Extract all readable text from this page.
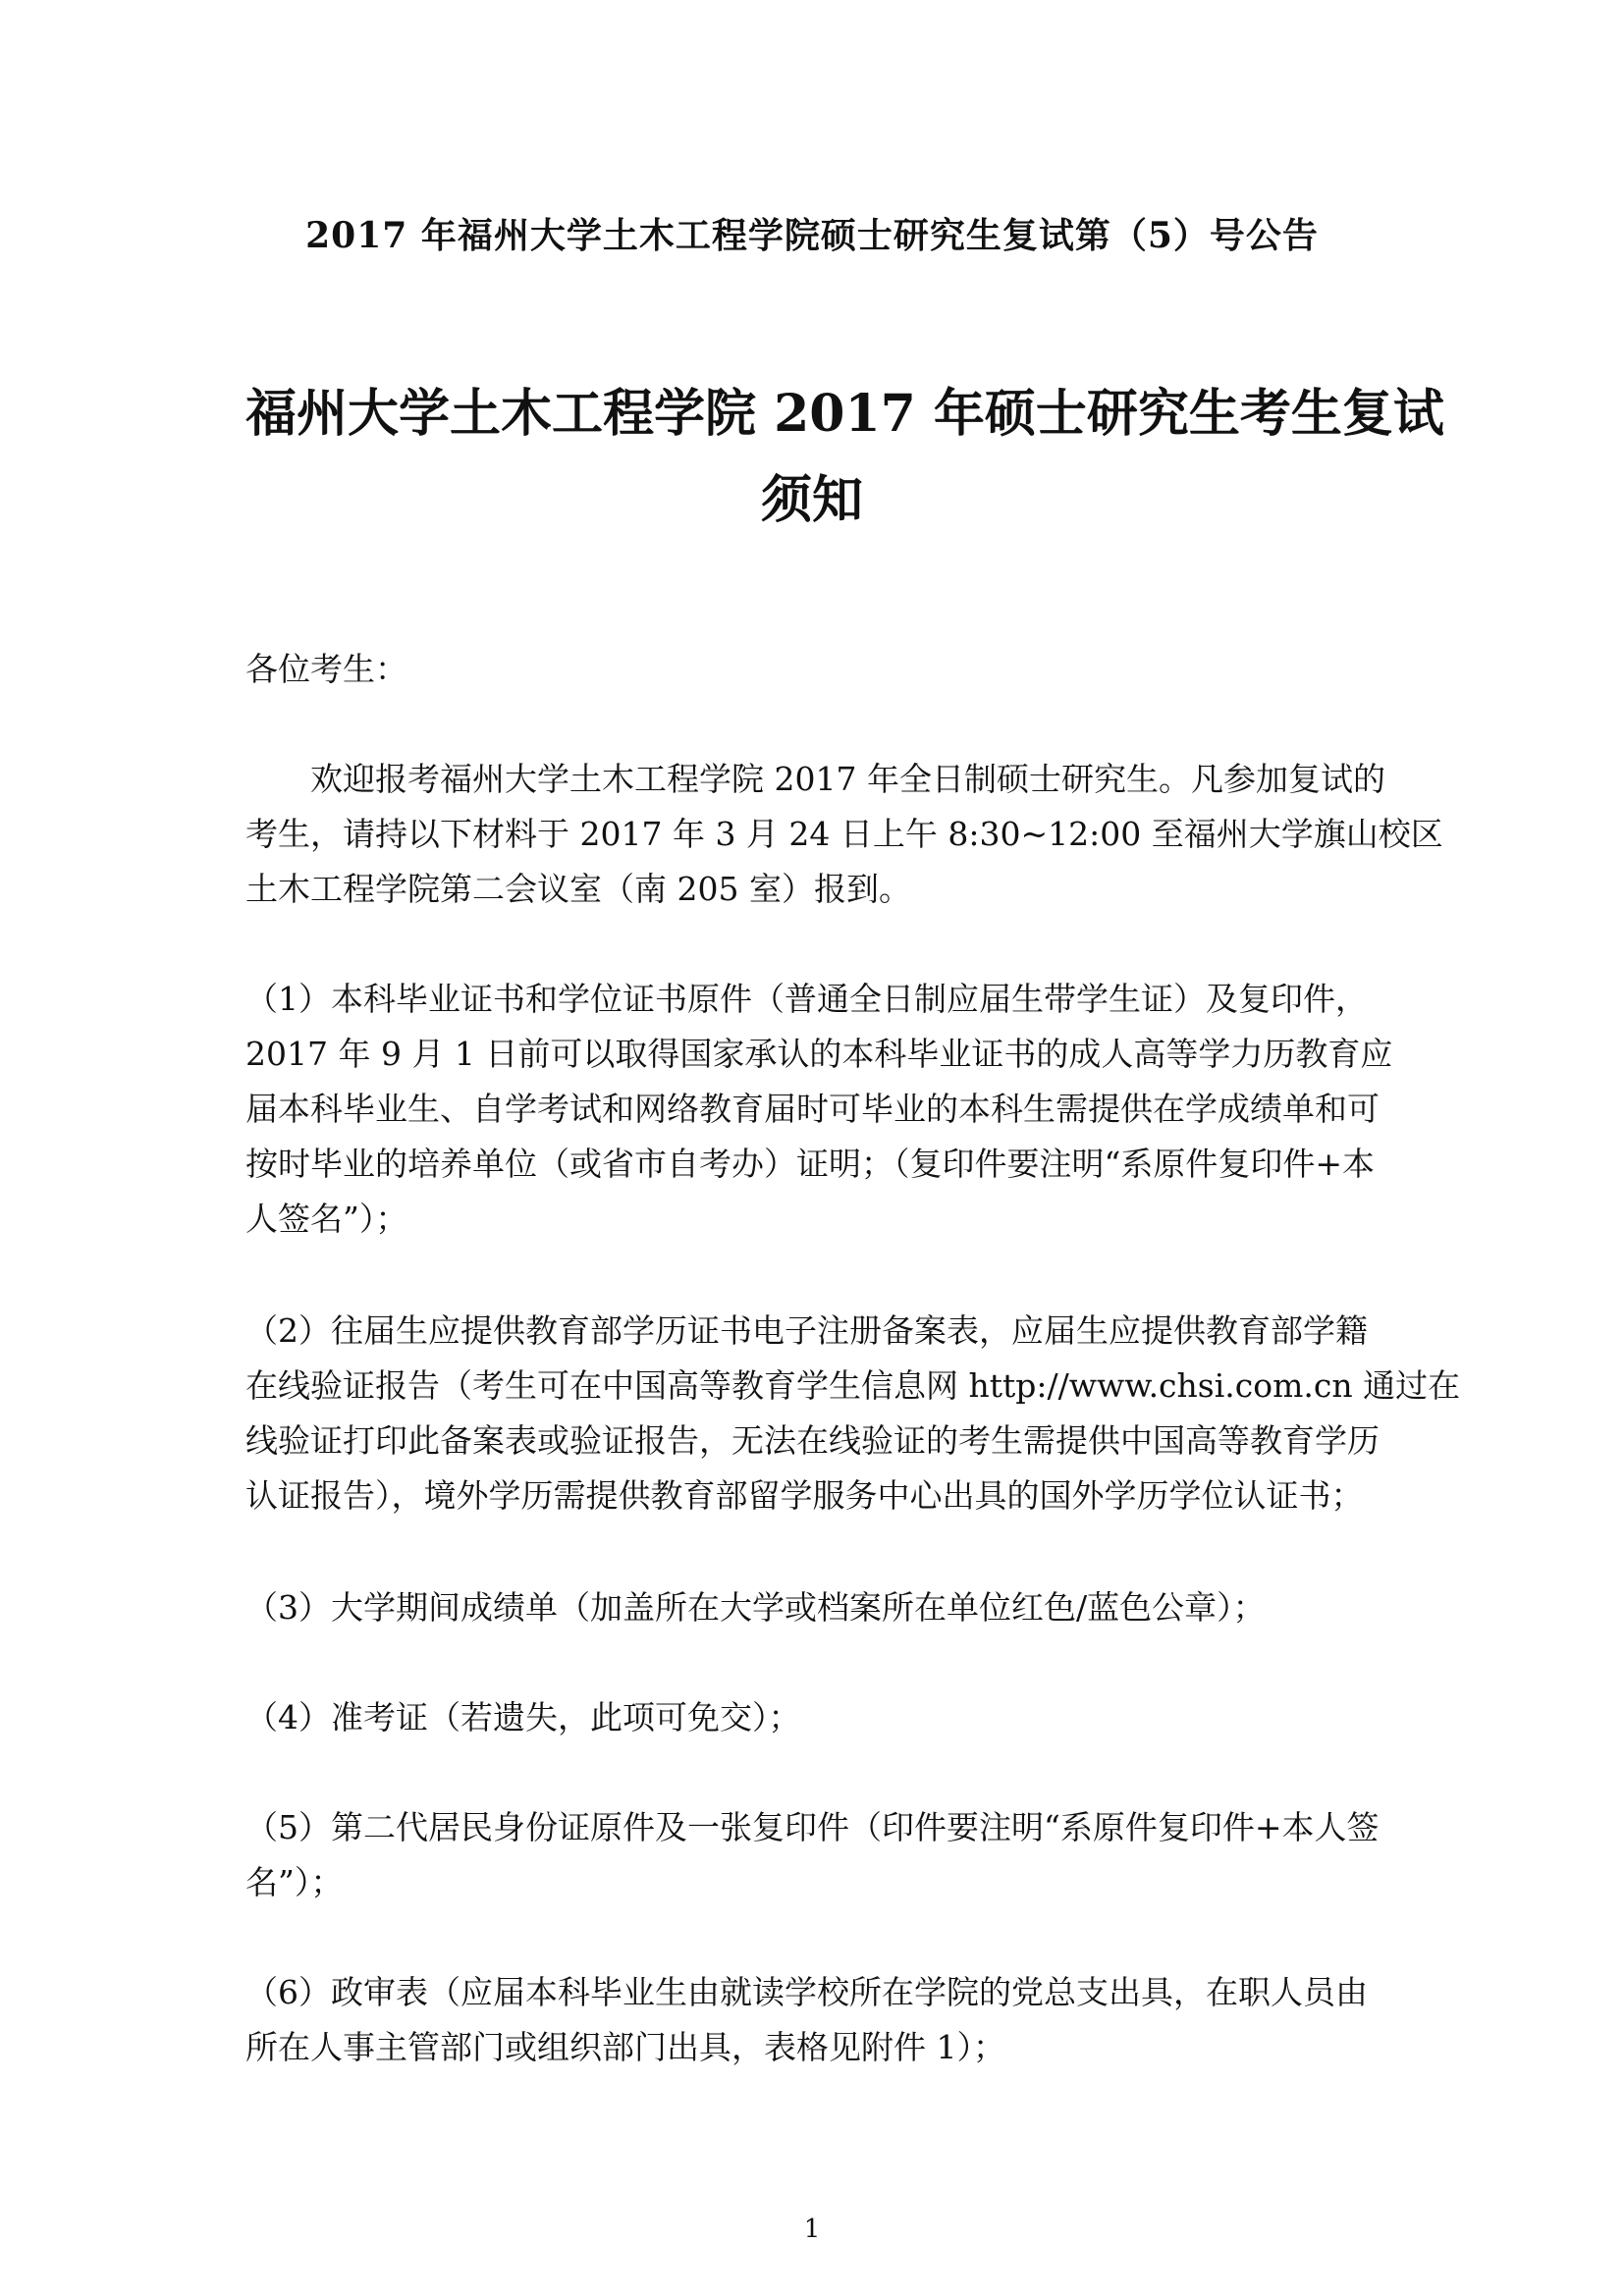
2017 年福州大学土木工程学院硕士研究生复试第（5）号公告
福州大学土木工程学院 2017 年硕士研究生考生复试
须知
各位考生：
欢迎报考福州大学土木工程学院 2017 年全日制硕士研究生。凡参加复试的
考生，请持以下材料于 2017 年 3 月 24 日上午 8:30~12:00 至福州大学旗山校区
土木工程学院第二会议室（南 205 室）报到。
（1）本科毕业证书和学位证书原件（普通全日制应届生带学生证）及复印件，
2017 年 9 月 1 日前可以取得国家承认的本科毕业证书的成人高等学力历教育应
届本科毕业生、自学考试和网络教育届时可毕业的本科生需提供在学成绩单和可
按时毕业的培养单位（或省市自考办）证明；（复印件要注明“系原件复印件+本
人签名”）；
（2）往届生应提供教育部学历证书电子注册备案表，应届生应提供教育部学籍
在线验证报告（考生可在中国高等教育学生信息网 http://www.chsi.com.cn 通过在
线验证打印此备案表或验证报告，无法在线验证的考生需提供中国高等教育学历
认证报告），境外学历需提供教育部留学服务中心出具的国外学历学位认证书；
（3）大学期间成绩单（加盖所在大学或档案所在单位红色/蓝色公章）；
（4）准考证（若遗失，此项可免交）；
（5）第二代居民身份证原件及一张复印件（印件要注明“系原件复印件+本人签
名”）；
（6）政审表（应届本科毕业生由就读学校所在学院的党总支出具，在职人员由
所在人事主管部门或组织部门出具，表格见附件 1）；
1
